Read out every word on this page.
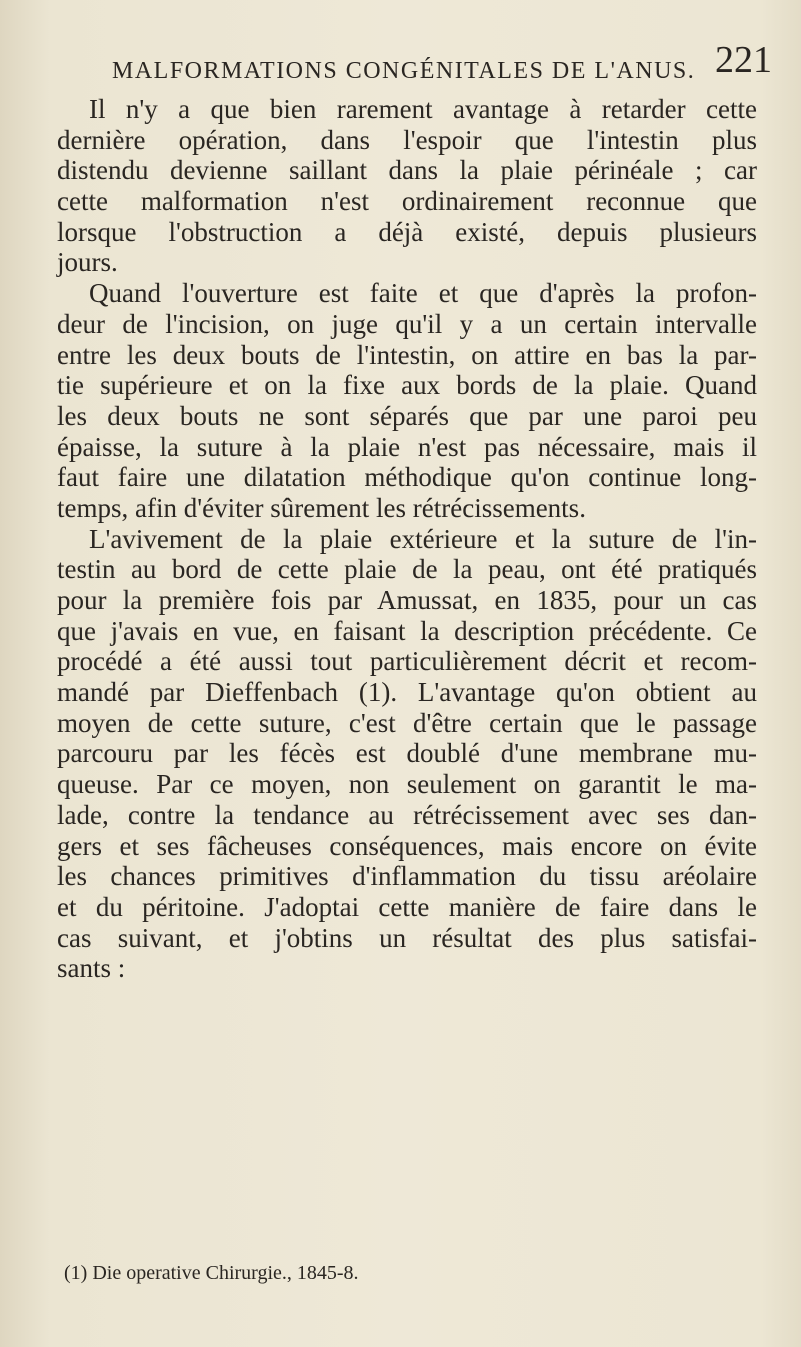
MALFORMATIONS CONGÉNITALES DE L'ANUS. 221
Il n'y a que bien rarement avantage à retarder cette
dernière opération, dans l'espoir que l'intestin plus
distendu devienne saillant dans la plaie périnéale ; car
cette malformation n'est ordinairement reconnue que
lorsque l'obstruction a déjà existé, depuis plusieurs
jours.
Quand l'ouverture est faite et que d'après la profon-
deur de l'incision, on juge qu'il y a un certain intervalle
entre les deux bouts de l'intestin, on attire en bas la par-
tie supérieure et on la fixe aux bords de la plaie. Quand
les deux bouts ne sont séparés que par une paroi peu
épaisse, la suture à la plaie n'est pas nécessaire, mais il
faut faire une dilatation méthodique qu'on continue long-
temps, afin d'éviter sûrement les rétrécissements.
L'avivement de la plaie extérieure et la suture de l'in-
testin au bord de cette plaie de la peau, ont été pratiqués
pour la première fois par Amussat, en 1835, pour un cas
que j'avais en vue, en faisant la description précédente. Ce
procédé a été aussi tout particulièrement décrit et recom-
mandé par Dieffenbach (1). L'avantage qu'on obtient au
moyen de cette suture, c'est d'être certain que le passage
parcouru par les fécès est doublé d'une membrane mu-
queuse. Par ce moyen, non seulement on garantit le ma-
lade, contre la tendance au rétrécissement avec ses dan-
gers et ses fâcheuses conséquences, mais encore on évite
les chances primitives d'inflammation du tissu aréolaire
et du péritoine. J'adoptai cette manière de faire dans le
cas suivant, et j'obtins un résultat des plus satisfai-
sants :
(1) Die operative Chirurgie., 1845-8.
